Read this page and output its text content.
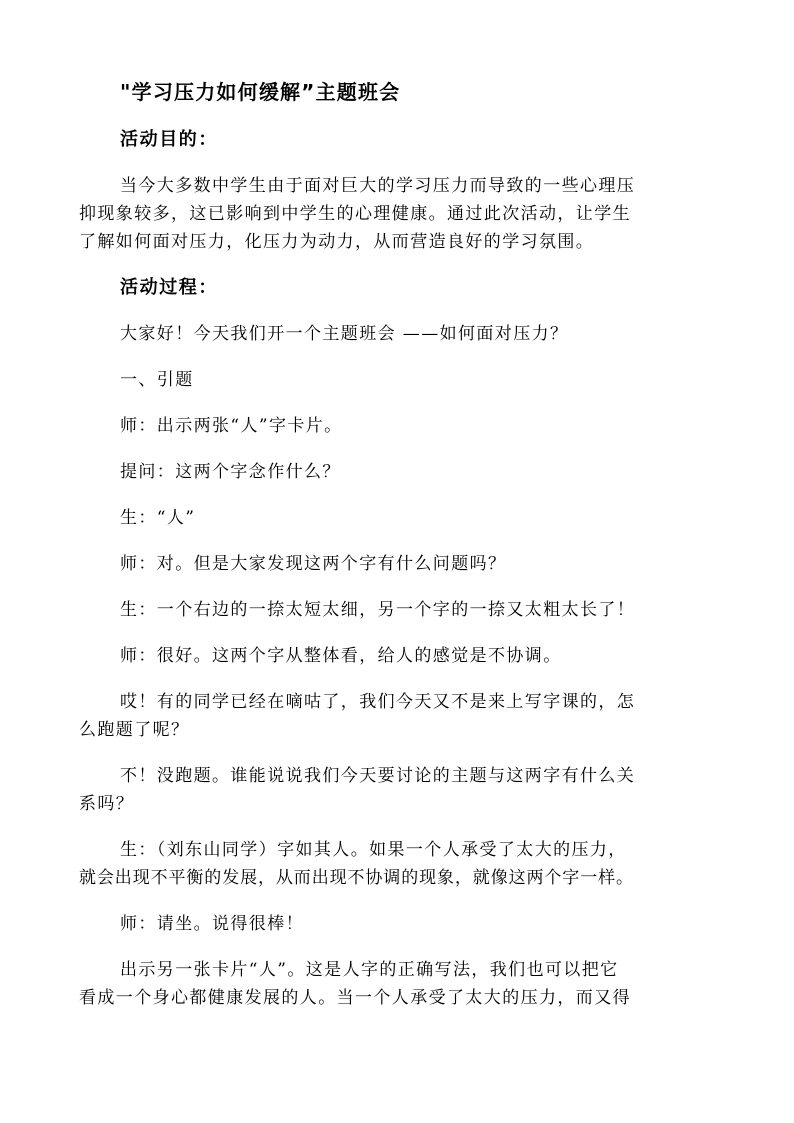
"学习压力如何缓解”主题班会
活动目的：
当今大多数中学生由于面对巨大的学习压力而导致的一些心理压
抑现象较多，这已影响到中学生的心理健康。通过此次活动，让学生
了解如何面对压力，化压力为动力，从而营造良好的学习氛围。
活动过程：
大家好！今天我们开一个主题班会 ——如何面对压力？
一、引题
师：出示两张“人”字卡片。
提问：这两个字念作什么？
生：“人”
师：对。但是大家发现这两个字有什么问题吗？
生：一个右边的一捺太短太细，另一个字的一捺又太粗太长了！
师：很好。这两个字从整体看，给人的感觉是不协调。
哎！有的同学已经在嘀咕了，我们今天又不是来上写字课的，怎
么跑题了呢？
不！没跑题。谁能说说我们今天要讨论的主题与这两字有什么关
系吗？
生：（刘东山同学）字如其人。如果一个人承受了太大的压力，
就会出现不平衡的发展，从而出现不协调的现象，就像这两个字一样。
师：请坐。说得很棒！
出示另一张卡片“人”。这是人字的正确写法，我们也可以把它
看成一个身心都健康发展的人。当一个人承受了太大的压力，而又得
